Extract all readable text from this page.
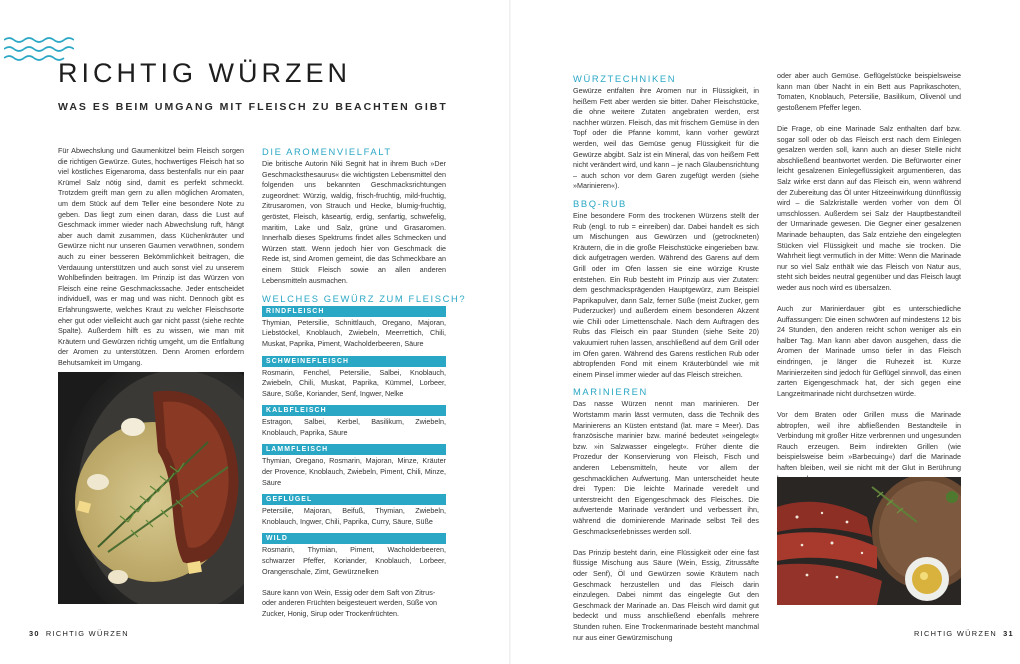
RICHTIG WÜRZEN
WAS ES BEIM UMGANG MIT FLEISCH ZU BEACHTEN GIBT

Für Abwechslung und Gaumenkitzel beim Fleisch sorgen die richtigen Gewürze. Gutes, hochwertiges Fleisch hat so viel köstliches Eigenaroma, dass bestenfalls nur ein paar Krümel Salz nötig sind, damit es perfekt schmeckt. Trotzdem greift man gern zu allen möglichen Aromaten, um dem Stück auf dem Teller eine besondere Note zu geben. Das liegt zum einen daran, dass die Lust auf Geschmack immer wieder nach Abwechslung ruft, hängt aber auch damit zusammen, dass Küchenkräuter und Gewürze nicht nur unseren Gaumen verwöhnen, sondern auch zu einer besseren Bekömmlichkeit beitragen, die Verdauung unterstützen und auch sonst viel zu unserem Wohlbefinden beitragen. Im Prinzip ist das Würzen von Fleisch eine reine Geschmackssache. Jeder entscheidet individuell, was er mag und was nicht. Dennoch gibt es Erfahrungswerte, welches Kraut zu welcher Fleischsorte eher gut oder vielleicht auch gar nicht passt (siehe rechte Spalte). Außerdem hilft es zu wissen, wie man mit Kräutern und Gewürzen richtig umgeht, um die Entfaltung der Aromen zu unterstützen. Denn Aromen erfordern Behutsamkeit im Umgang.

DIE AROMENVIELFALT

Die britische Autorin Niki Segnit hat in ihrem Buch »Der Geschmacksthesaurus« die wichtigsten Lebensmittel den folgenden uns bekannten Geschmacksrichtungen zugeordnet: Würzig, waldig, frisch-fruchtig, mild-fruchtig, Zitrusaromen, von Strauch und Hecke, blumig-fruchtig, geröstet, Fleisch, käseartig, erdig, senfartig, schwefelig, maritim, Lake und Salz, grüne und Grasaromen. Innerhalb dieses Spektrums findet alles Schmecken und Würzen statt. Wenn jedoch hier von Geschmack die Rede ist, sind Aromen gemeint, die das Schmeckbare an einem Stück Fleisch sowie an allen anderen Lebensmitteln ausmachen.

WELCHES GEWÜRZ ZUM FLEISCH?
RINDFLEISCH

Thymian, Petersilie, Schnittlauch, Oregano, Majoran, Liebstöckel, Knoblauch, Zwiebeln, Meerrettich, Chili, Muskat, Paprika, Piment, Wacholderbeeren, Säure

SCHWEINEFLEISCH

Rosmarin, Fenchel, Petersilie, Salbei, Knoblauch, Zwiebeln, Chili, Muskat, Paprika, Kümmel, Lorbeer, Säure, Süße, Koriander, Senf, Ingwer, Nelke

KALBFLEISCH

Estragon, Salbei, Kerbel, Basilikum, Zwiebeln, Knoblauch, Paprika, Säure

LAMMFLEISCH

Thymian, Oregano, Rosmarin, Majoran, Minze, Kräuter der Provence, Knoblauch, Zwiebeln, Piment, Chili, Minze, Säure

GEFLÜGEL

Petersilie, Majoran, Beifuß, Thymian, Zwiebeln, Knoblauch, Ingwer, Chili, Paprika, Curry, Säure, Süße

WILD

Rosmarin, Thymian, Piment, Wacholderbeeren, schwarzer Pfeffer, Koriander, Knoblauch, Lorbeer, Orangenschale, Zimt, Gewürznelken

Säure kann von Wein, Essig oder dem Saft von Zitrus- oder anderen Früchten beigesteuert werden, Süße von Zucker, Honig, Sirup oder Trockenfrüchten.

WÜRZTECHNIKEN

Gewürze entfalten ihre Aromen nur in Flüssigkeit, in heißem Fett aber werden sie bitter. Daher Fleischstücke, die ohne weitere Zutaten angebraten werden, erst nachher würzen. Fleisch, das mit frischem Gemüse in den Topf oder die Pfanne kommt, kann vorher gewürzt werden, weil das Gemüse genug Flüssigkeit für die Gewürze abgibt. Salz ist ein Mineral, das von heißem Fett nicht verändert wird, und kann – je nach Glaubensrichtung – auch schon vor dem Garen zugefügt werden (siehe »Marinieren«).

BBQ-RUB

Eine besondere Form des trockenen Würzens stellt der Rub (engl. to rub = einreiben) dar. Dabei handelt es sich um Mischungen aus Gewürzen und (getrockneten) Kräutern, die in die große Fleischstücke eingerieben bzw. dick aufgetragen werden. Während des Garens auf dem Grill oder im Ofen lassen sie eine würzige Kruste entstehen. Ein Rub besteht im Prinzip aus vier Zutaten: dem geschmacksprägenden Hauptgewürz, zum Beispiel Paprikapulver, dann Salz, ferner Süße (meist Zucker, gern Puderzucker) und außerdem einem besonderen Akzent wie Chili oder Limettenschale. Nach dem Auftragen des Rubs das Fleisch ein paar Stunden (siehe Seite 20) vakuumiert ruhen lassen, anschließend auf dem Grill oder im Ofen garen. Während des Garens restlichen Rub oder abtropfenden Fond mit einem Kräuterbündel wie mit einem Pinsel immer wieder auf das Fleisch streichen.

MARINIEREN

Das nasse Würzen nennt man marinieren. Der Wortstamm marin lässt vermuten, dass die Technik des Marinierens an Küsten entstand (lat. mare = Meer). Das französische marinier bzw. mariné bedeutet »eingelegt« bzw. »in Salzwasser eingelegt«. Früher diente die Prozedur der Konservierung von Fleisch, Fisch und anderen Lebensmitteln, heute vor allem der geschmacklichen Aufwertung. Man unterscheidet heute drei Typen: Die leichte Marinade veredelt und unterstreicht den Eigengeschmack des Fleisches. Die aufwertende Marinade verändert und verbessert ihn, während die dominierende Marinade selbst Teil des Geschmackserlebnisses werden soll.

Das Prinzip besteht darin, eine Flüssigkeit oder eine fast flüssige Mischung aus Säure (Wein, Essig, Zitrussäfte oder Senf), Öl und Gewürzen sowie Kräutern nach Geschmack herzustellen und das Fleisch darin einzulegen. Dabei nimmt das eingelegte Gut den Geschmack der Marinade an. Das Fleisch wird damit gut bedeckt und muss anschließend ebenfalls mehrere Stunden ruhen. Eine Trockenmarinade besteht manchmal nur aus einer Gewürzmischung

oder aber auch Gemüse. Geflügelstücke beispielsweise kann man über Nacht in ein Bett aus Paprikaschoten, Tomaten, Knoblauch, Petersilie, Basilikum, Olivenöl und gestoßenem Pfeffer legen.

Die Frage, ob eine Marinade Salz enthalten darf bzw. sogar soll oder ob das Fleisch erst nach dem Einlegen gesalzen werden soll, kann auch an dieser Stelle nicht abschließend beantwortet werden. Die Befürworter einer leicht gesalzenen Einlegeflüssigkeit argumentieren, das Salz wirke erst dann auf das Fleisch ein, wenn während der Zubereitung das Öl unter Hitzeeinwirkung dünnflüssig wird – die Salzkristalle werden vorher von dem Öl umschlossen. Außerdem sei Salz der Hauptbestandteil der Urmarinade gewesen. Die Gegner einer gesalzenen Marinade behaupten, das Salz entziehe den eingelegten Stücken viel Flüssigkeit und mache sie trocken. Die Wahrheit liegt vermutlich in der Mitte: Wenn die Marinade nur so viel Salz enthält wie das Fleisch von Natur aus, steht sich beides neutral gegenüber und das Fleisch laugt weder aus noch wird es übersalzen.

Auch zur Marinierdauer gibt es unterschiedliche Auffassungen: Die einen schwören auf mindestens 12 bis 24 Stunden, den anderen reicht schon weniger als ein halber Tag. Man kann aber davon ausgehen, dass die Aromen der Marinade umso tiefer in das Fleisch eindringen, je länger die Ruhezeit ist. Kurze Marinierzeiten sind jedoch für Geflügel sinnvoll, das einen zarten Eigengeschmack hat, der sich gegen eine Langzeitmarinade nicht durchsetzen würde.

Vor dem Braten oder Grillen muss die Marinade abtropfen, weil ihre abfließenden Bestandteile in Verbindung mit großer Hitze verbrennen und ungesunden Rauch erzeugen. Beim indirekten Grillen (wie beispielsweise beim »Barbecuing«) darf die Marinade haften bleiben, weil sie nicht mit der Glut in Berührung

30 RICHTIG WÜRZEN	RICHTIG WÜRZEN 31
